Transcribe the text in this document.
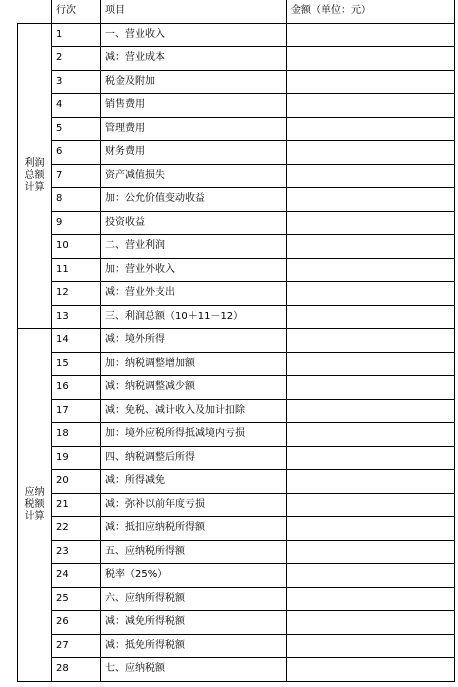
	行次	项目	金额（单位：元）
利润总额计算	1	一、营业收入	
	2	减：营业成本	
	3	税金及附加	
	4	销售费用	
	5	管理费用	
	6	财务费用	
	7	资产减值损失	
	8	加：公允价值变动收益	
	9	投资收益	
	10	二、营业利润	
	11	加：营业外收入	
	12	减：营业外支出	
	13	三、利润总额（10＋11－12）	
应纳税额计算	14	减：境外所得	
	15	加：纳税调整增加额	
	16	减：纳税调整减少额	
	17	减：免税、减计收入及加计扣除	
	18	加：境外应税所得抵减境内亏损	
	19	四、纳税调整后所得	
	20	减：所得减免	
	21	减：弥补以前年度亏损	
	22	减：抵扣应纳税所得额	
	23	五、应纳税所得额	
	24	税率（25%）	
	25	六、应纳所得税额	
	26	减：减免所得税额	
	27	减：抵免所得税额	
	28	七、应纳税额	
